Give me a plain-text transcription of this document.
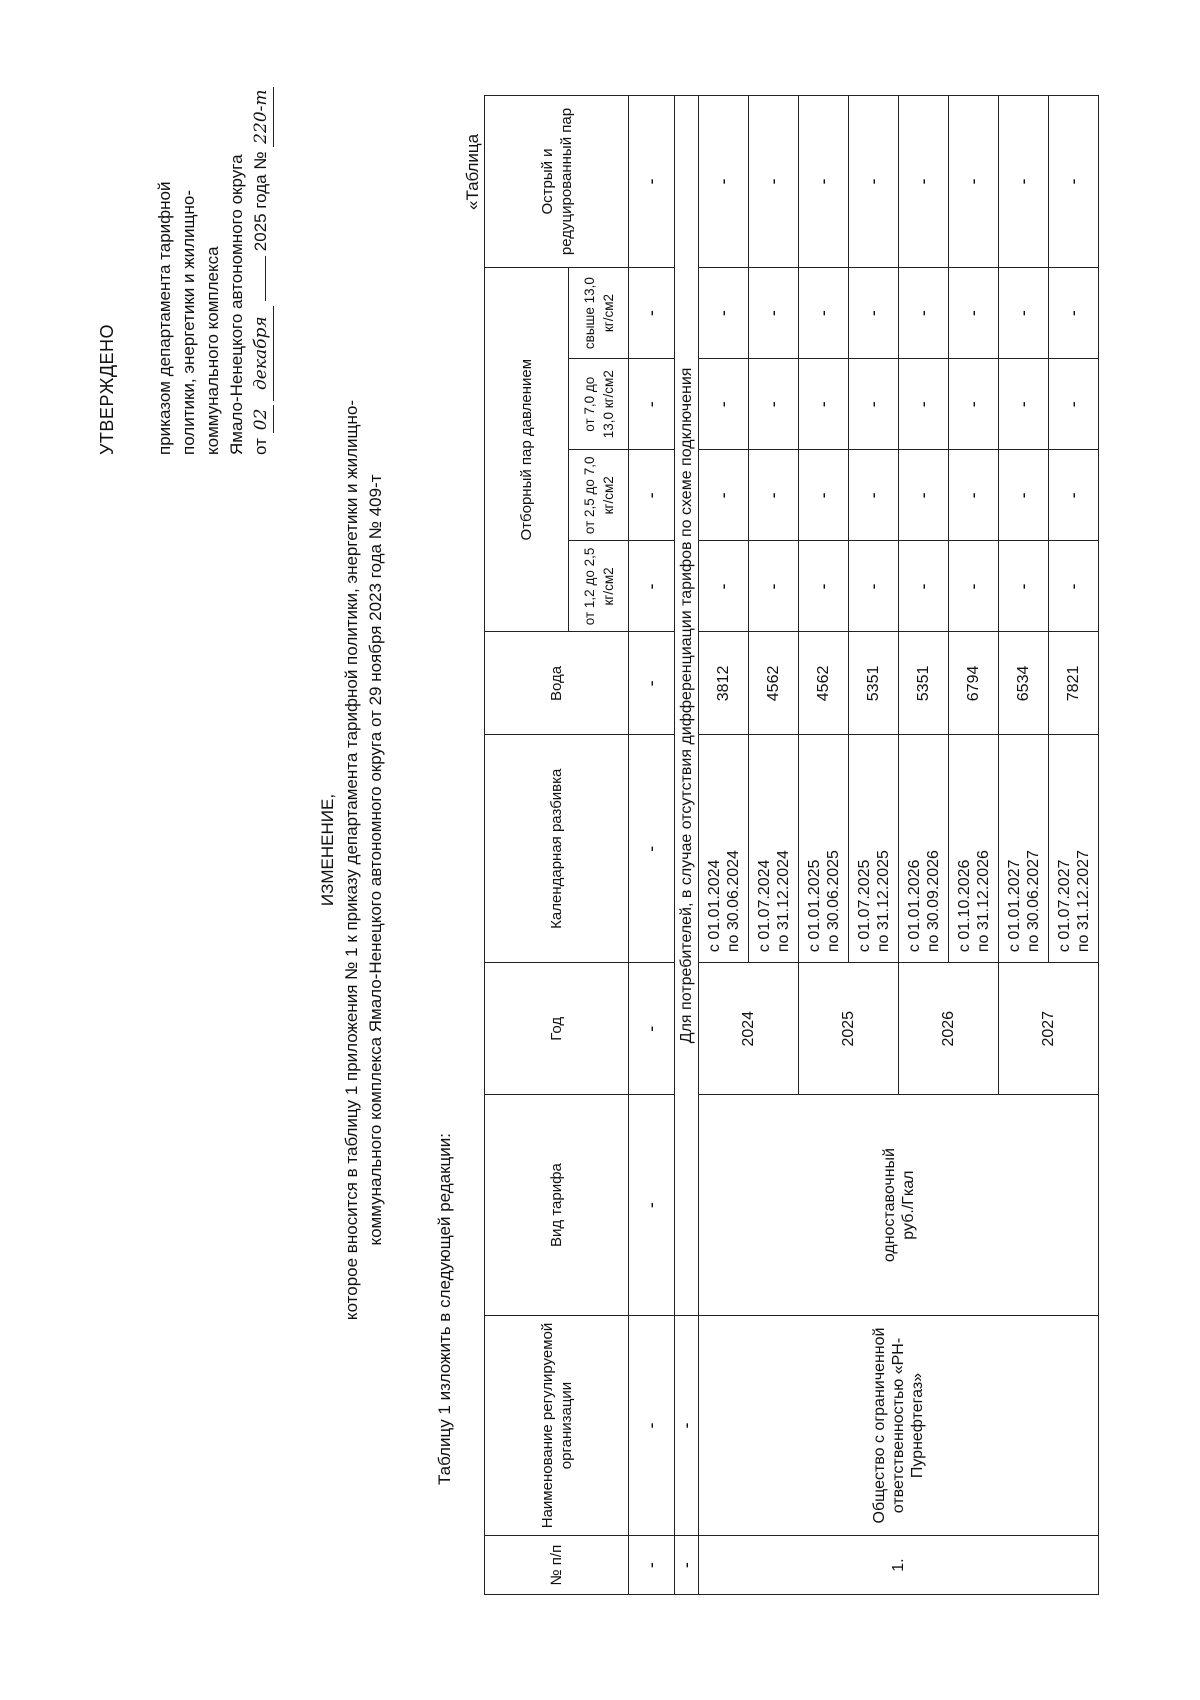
УТВЕРЖДЕНО приказом департамента тарифной политики, энергетики и жилищно- коммунального комплекса Ямало-Ненецкого автономного округа от 02 декабря  2025 года № 220-т
ИЗМЕНЕНИЕ, которое вносится в таблицу 1 приложения № 1 к приказу департамента тарифной политики, энергетики и жилищно- коммунального комплекса Ямало-Ненецкого автономного округа от 29 ноября 2023 года № 409-т
Таблицу 1 изложить в следующей редакции:
«Таблица
№ п/п	Наименование регулируемой организации	Вид тарифа	Год	Календарная разбивка	Вода	Отборный пар давлением				Острый и редуцированный пар
						от 1,2 до 2,5 кг/см2	от 2,5 до 7,0 кг/см2	от 7,0 до 13,0 кг/см2	свыше 13,0 кг/см2	
-	-	-	-	-	-	-	-	-	-	-
-	-	Для потребителей, в случае отсутствия дифференциации тарифов по схеме подключения								
1.	Общество с ограниченной ответственностью «РН-Пурнефтегаз»	одноставочный руб./Гкал	2024	с 01.01.2024 по 30.06.2024	3812	-	-	-	-	-

				с 01.07.2024 по 31.12.2024	4562	-	-	-	-	-
			2025	с 01.01.2025 по 30.06.2025	4562	-	-	-	-	-

				с 01.07.2025 по 31.12.2025	5351	-	-	-	-	-
			2026	с 01.01.2026 по 30.09.2026	5351	-	-	-	-	-

				с 01.10.2026 по 31.12.2026	6794	-	-	-	-	-
			2027	с 01.01.2027 по 30.06.2027	6534	-	-	-	-	-

				с 01.07.2027 по 31.12.2027	7821	-	-	-	-	-
